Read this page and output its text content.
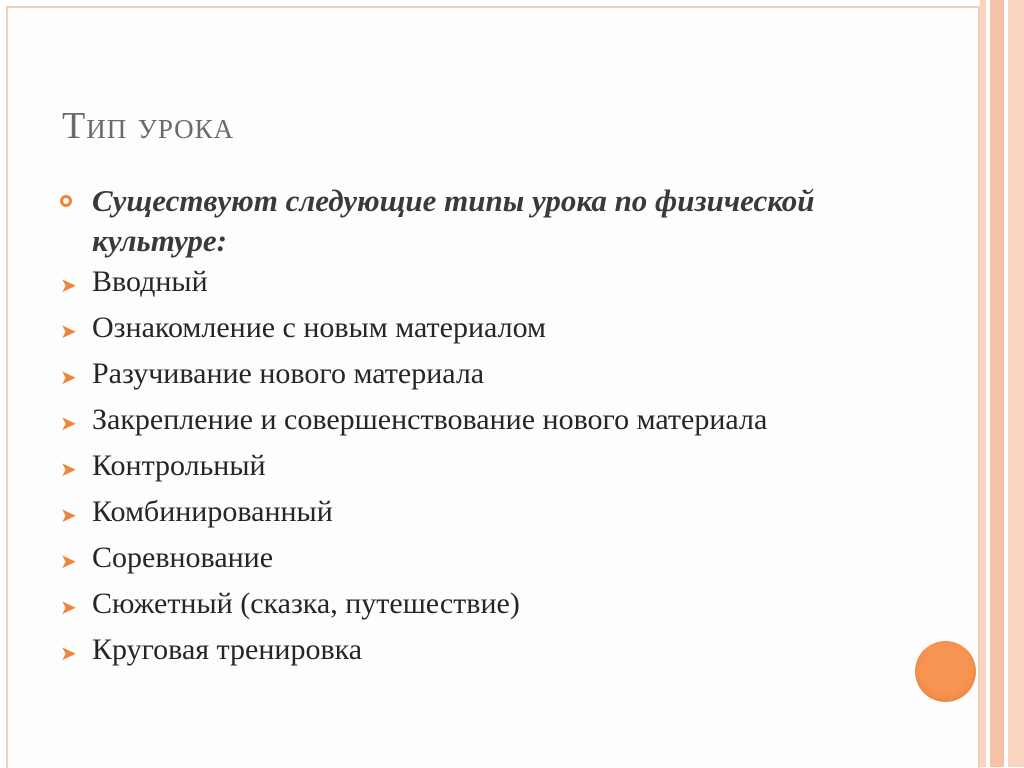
Тип урока
Существуют следующие типы урока по физической культуре:
➤ Вводный
➤ Ознакомление с новым материалом
➤ Разучивание нового материала
➤ Закрепление и совершенствование нового материала
➤ Контрольный
➤ Комбинированный
➤ Соревнование
➤ Сюжетный (сказка, путешествие)
➤ Круговая тренировка
